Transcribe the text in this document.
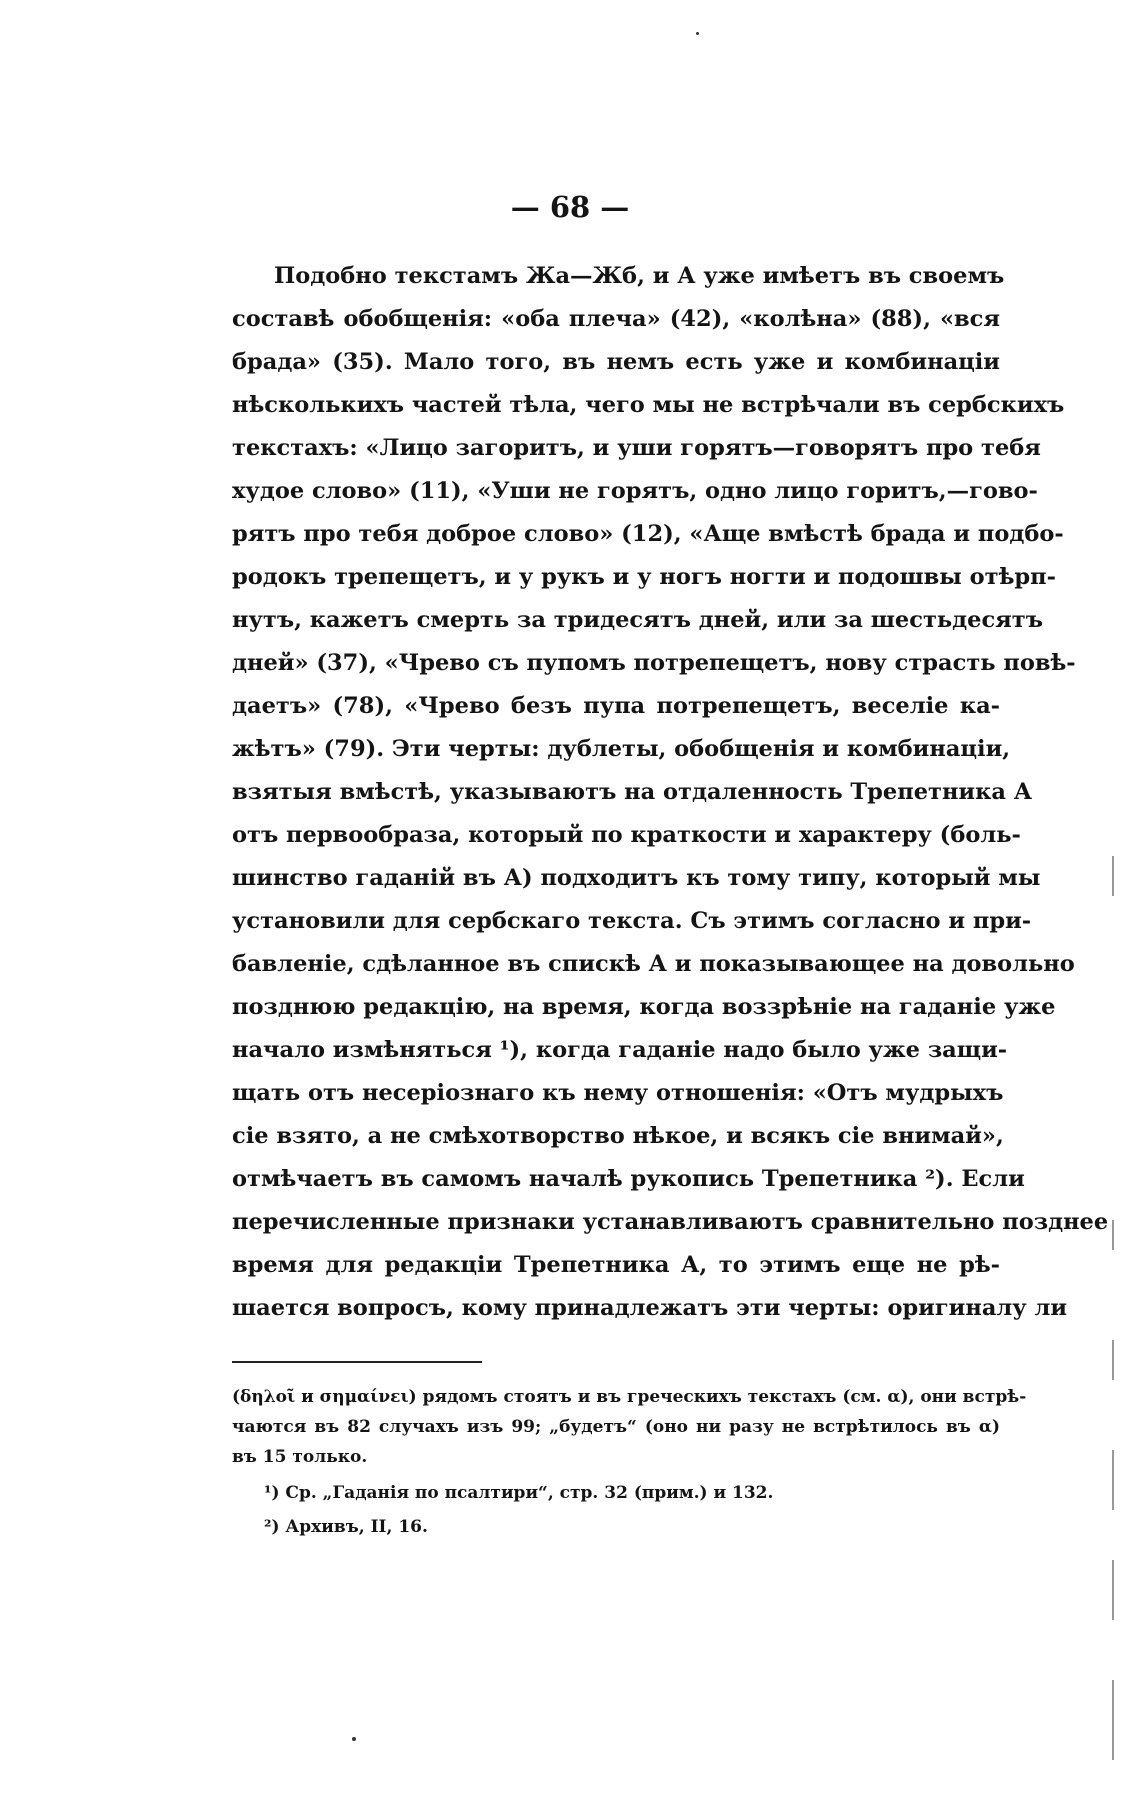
— 68 —
Подобно текстамъ Жа—Жб, и А уже имѣетъ въ своемъ
составѣ обобщенія: «оба плеча» (42), «колѣна» (88), «вся
брада» (35). Мало того, въ немъ есть уже и комбинаціи
нѣсколькихъ частей тѣла, чего мы не встрѣчали въ сербскихъ
текстахъ: «Лицо загоритъ, и уши горятъ—говорятъ про тебя
худое слово» (11), «Уши не горятъ, одно лицо горитъ,—гово-
рятъ про тебя доброе слово» (12), «Аще вмѣстѣ брада и подбо-
родокъ трепещетъ, и у рукъ и у ногъ ногти и подошвы отѣрп-
нутъ, кажетъ смерть за тридесятъ дней, или за шестьдесятъ
дней» (37), «Чрево съ пупомъ потрепещетъ, нову страсть повѣ-
даетъ» (78), «Чрево безъ пупа потрепещетъ, веселіе ка-
жѣтъ» (79). Эти черты: дублеты, обобщенія и комбинаціи,
взятыя вмѣстѣ, указываютъ на отдаленность Трепетника А
отъ первообраза, который по краткости и характеру (боль-
шинство гаданій въ А) подходитъ къ тому типу, который мы
установили для сербскаго текста. Съ этимъ согласно и при-
бавленіе, сдѣланное въ спискѣ А и показывающее на довольно
позднюю редакцію, на время, когда воззрѣніе на гаданіе уже
начало измѣняться ¹), когда гаданіе надо было уже защи-
щать отъ несеріознаго къ нему отношенія: «Отъ мудрыхъ
сіе взято, а не смѣхотворство нѣкое, и всякъ сіе внимай»,
отмѣчаетъ въ самомъ началѣ рукопись Трепетника ²). Если
перечисленные признаки устанавливаютъ сравнительно позднее
время для редакціи Трепетника А, то этимъ еще не рѣ-
шается вопросъ, кому принадлежатъ эти черты: оригиналу ли
(δηλοῖ и σημαίνει) рядомъ стоятъ и въ греческихъ текстахъ (см. α), они встрѣ-
чаются въ 82 случахъ изъ 99; „будетъ“ (оно ни разу не встрѣтилось въ α)
въ 15 только.
¹) Ср. „Гаданія по псалтири“, стр. 32 (прим.) и 132.
²) Архивъ, II, 16.
